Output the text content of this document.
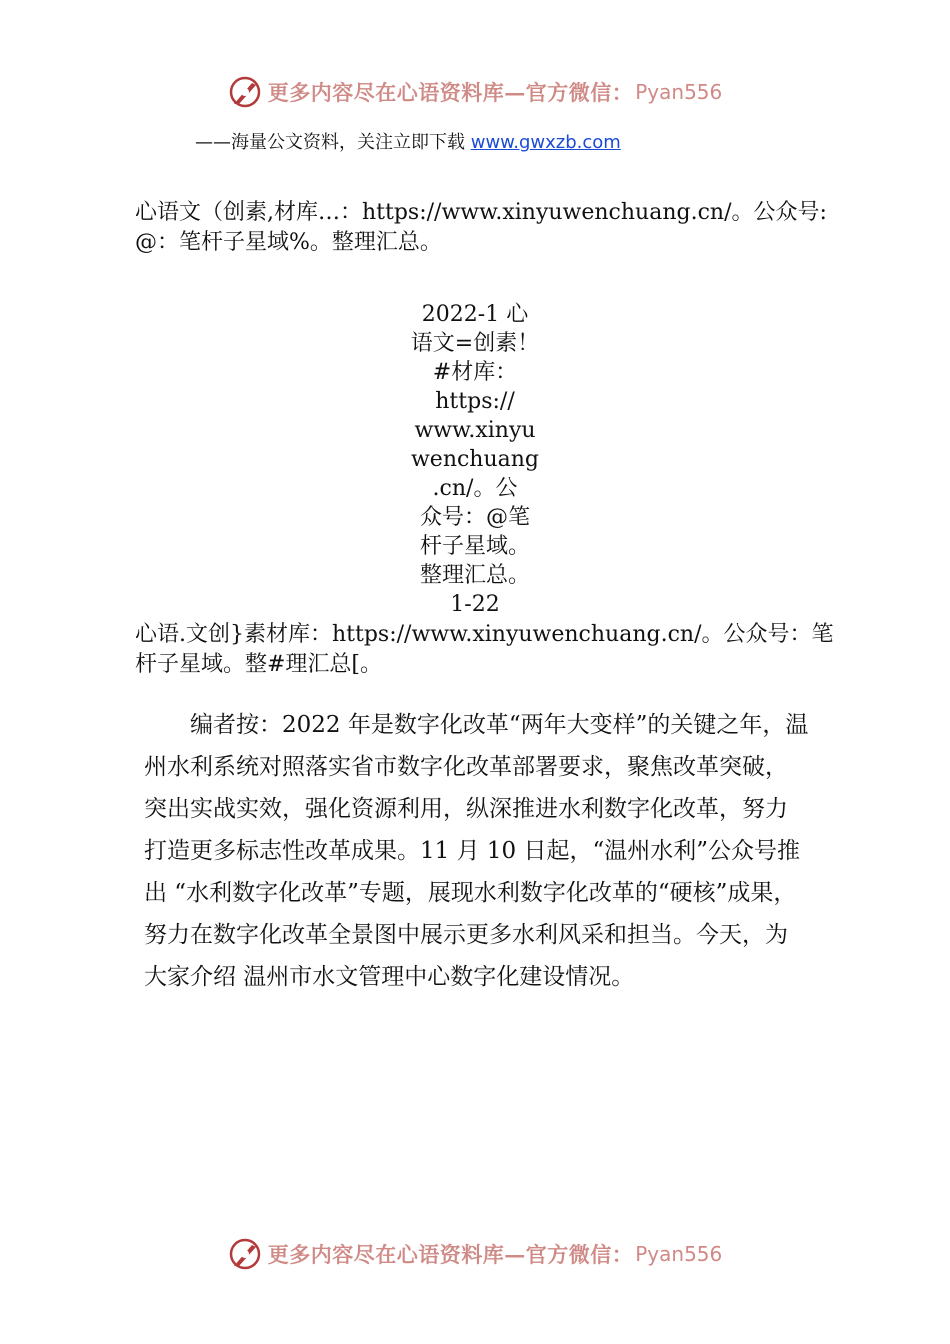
更多内容尽在心语资料库—官方微信： Pyan556
——海量公文资料，关注立即下载 www.gwxzb.com
心语文（创素,材库…：https://www.xinyuwenchuang.cn/。公众号:@：笔杆子星域%。整理汇总。
2022-1 心
语文=创素！
#材库：
https://
www.xinyu
wenchuang
.cn/。公
众号：@笔
杆子星域。
整理汇总。
1-22
心语.文创}素材库：https://www.xinyuwenchuang.cn/。公众号：笔杆子星域。整#理汇总[。
编者按：2022 年是数字化改革“两年大变样”的关键之年，温州水利系统对照落实省市数字化改革部署要求，聚焦改革突破，突出实战实效，强化资源利用，纵深推进水利数字化改革，努力打造更多标志性改革成果。11 月 10 日起，“温州水利”公众号推出 “水利数字化改革”专题，展现水利数字化改革的“硬核”成果，努力在数字化改革全景图中展示更多水利风采和担当。今天，为大家介绍 温州市水文管理中心数字化建设情况。
更多内容尽在心语资料库—官方微信： Pyan556
